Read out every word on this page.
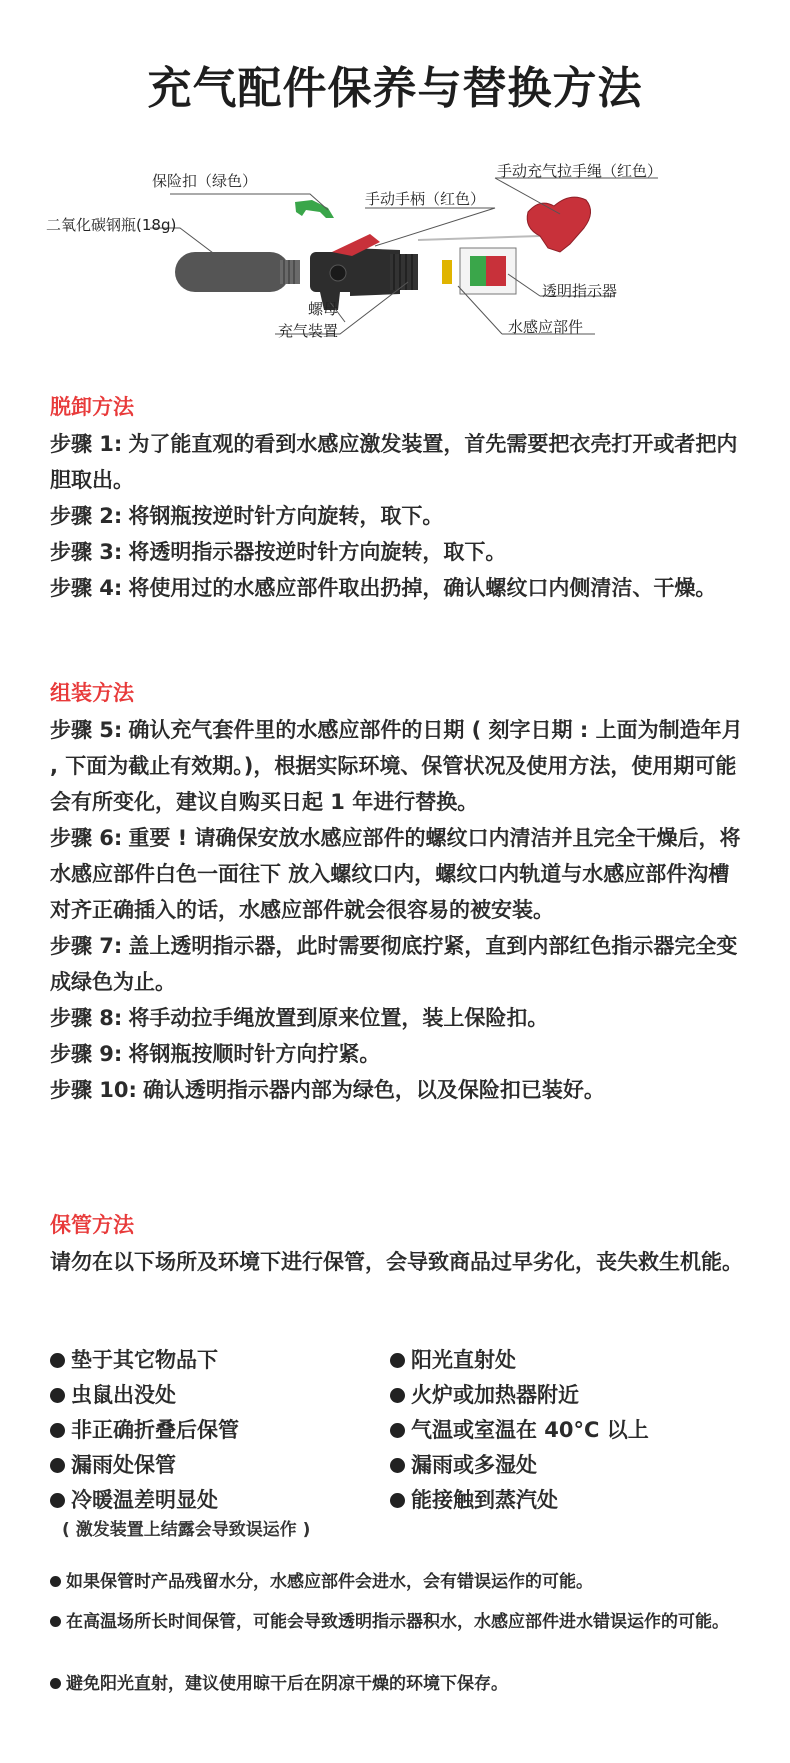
充气配件保养与替换方法
保险扣（绿色）
手动手柄（红色）
手动充气拉手绳（红色）
二氧化碳钢瓶(18g)
透明指示器
螺母
充气装置	水感应部件

脱卸方法

步骤 1: 为了能直观的看到水感应激发装置，首先需要把衣壳打开或者把内胆取出。

步骤 2: 将钢瓶按逆时针方向旋转，取下。

步骤 3: 将透明指示器按逆时针方向旋转，取下。

步骤 4: 将使用过的水感应部件取出扔掉，确认螺纹口内侧清洁、干燥。

组装方法

步骤 5: 确认充气套件里的水感应部件的日期 ( 刻字日期 : 上面为制造年月 , 下面为截止有效期。)，根据实际环境、保管状况及使用方法，使用期可能会有所变化，建议自购买日起 1 年进行替换。

步骤 6: 重要 ! 请确保安放水感应部件的螺纹口内清洁并且完全干燥后，将水感应部件白色一面往下 放入螺纹口内，螺纹口内轨道与水感应部件沟槽对齐正确插入的话，水感应部件就会很容易的被安装。

步骤 7: 盖上透明指示器，此时需要彻底拧紧，直到内部红色指示器完全变成绿色为止。

步骤 8: 将手动拉手绳放置到原来位置，装上保险扣。

步骤 9: 将钢瓶按顺时针方向拧紧。

步骤 10: 确认透明指示器内部为绿色，以及保险扣已装好。

保管方法

请勿在以下场所及环境下进行保管，会导致商品过早劣化，丧失救生机能。

垫于其它物品下
虫鼠出没处
非正确折叠后保管
漏雨处保管
冷暖温差明显处
阳光直射处
火炉或加热器附近
气温或室温在 40°C 以上
漏雨或多湿处
能接触到蒸汽处
( 激发装置上结露会导致误运作 )
如果保管时产品残留水分，水感应部件会进水，会有错误运作的可能。
在高温场所长时间保管，可能会导致透明指示器积水，水感应部件进水错误运作的可能。
避免阳光直射，建议使用晾干后在阴凉干燥的环境下保存。
